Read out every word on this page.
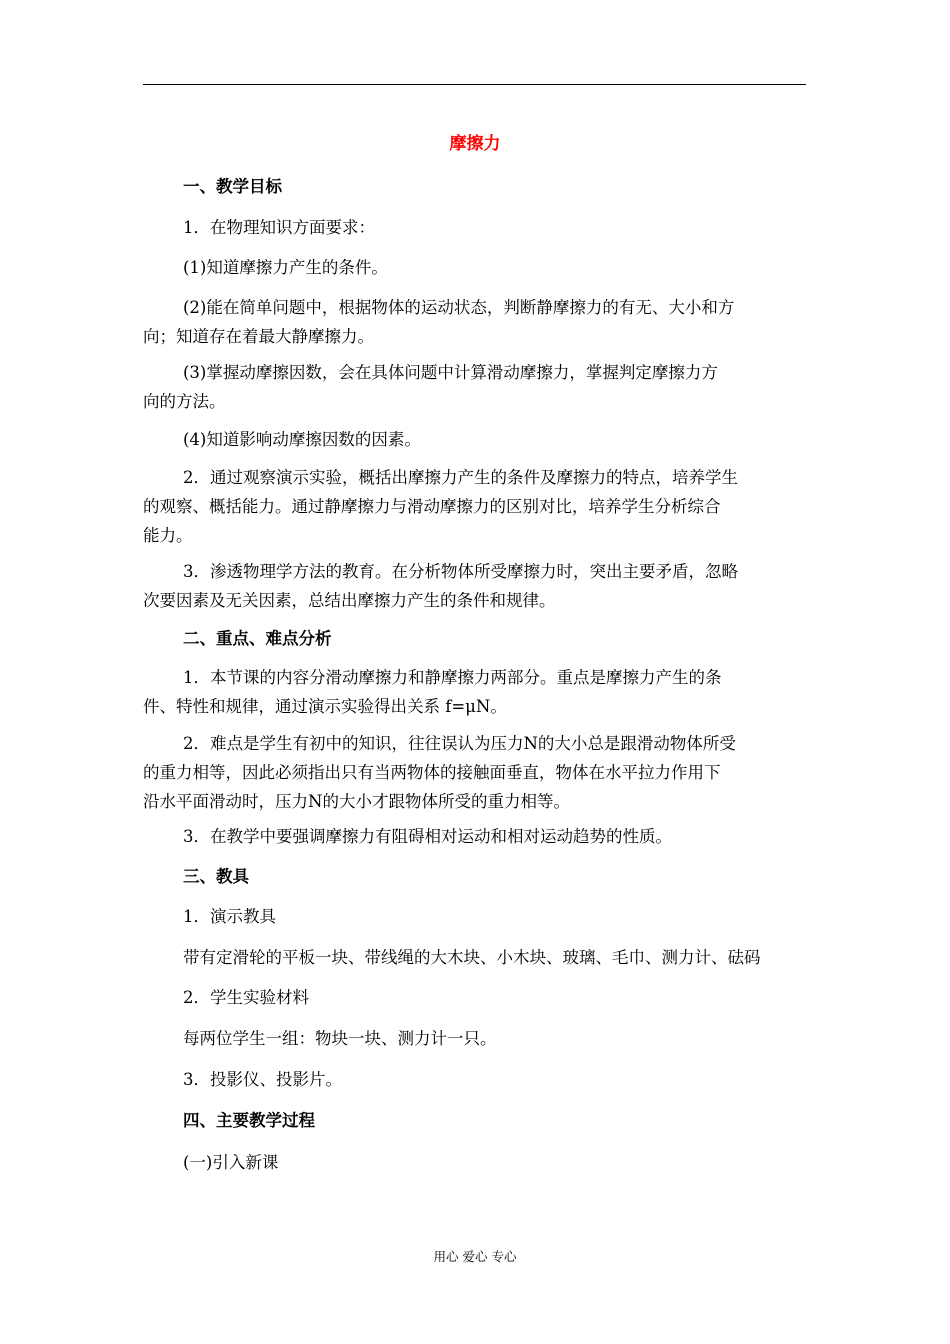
摩擦力
一、教学目标
1．在物理知识方面要求：
(1)知道摩擦力产生的条件。
(2)能在简单问题中，根据物体的运动状态，判断静摩擦力的有无、大小和方
向；知道存在着最大静摩擦力。
(3)掌握动摩擦因数，会在具体问题中计算滑动摩擦力，掌握判定摩擦力方
向的方法。
(4)知道影响动摩擦因数的因素。
2．通过观察演示实验，概括出摩擦力产生的条件及摩擦力的特点，培养学生
的观察、概括能力。通过静摩擦力与滑动摩擦力的区别对比，培养学生分析综合
能力。
3．渗透物理学方法的教育。在分析物体所受摩擦力时，突出主要矛盾，忽略
次要因素及无关因素，总结出摩擦力产生的条件和规律。
二、重点、难点分析
1．本节课的内容分滑动摩擦力和静摩擦力两部分。重点是摩擦力产生的条
件、特性和规律，通过演示实验得出关系 f=μN。
2．难点是学生有初中的知识，往往误认为压力N的大小总是跟滑动物体所受
的重力相等，因此必须指出只有当两物体的接触面垂直，物体在水平拉力作用下
沿水平面滑动时，压力N的大小才跟物体所受的重力相等。
3．在教学中要强调摩擦力有阻碍相对运动和相对运动趋势的性质。
三、教具
1．演示教具
带有定滑轮的平板一块、带线绳的大木块、小木块、玻璃、毛巾、测力计、砝码
2．学生实验材料
每两位学生一组：物块一块、测力计一只。
3．投影仪、投影片。
四、主要教学过程
(一)引入新课
用心 爱心 专心
